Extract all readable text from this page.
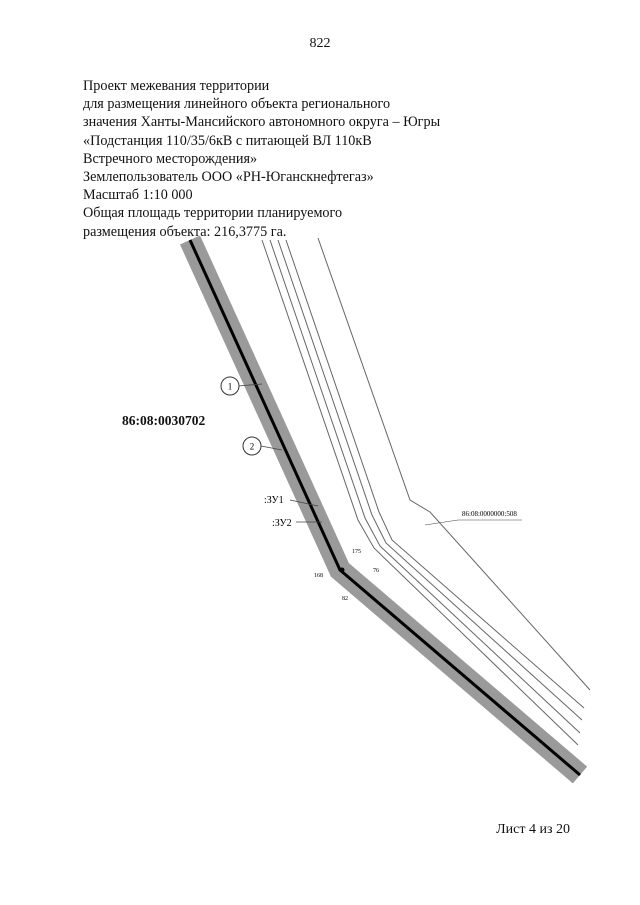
822
Проект межевания территории
для размещения линейного объекта регионального
значения Ханты-Мансийского автономного округа – Югры
«Подстанция 110/35/6кВ с питающей ВЛ 110кВ
Встречного месторождения»
Землепользователь ООО «РН-Юганскнефтегаз»
Масштаб 1:10 000
Общая площадь территории планируемого
размещения объекта: 216,3775 га.
1
2
:ЗУ1
:ЗУ2
175
76
168
82
86:08:0000000:508
86:08:0030702
Лист 4 из 20
